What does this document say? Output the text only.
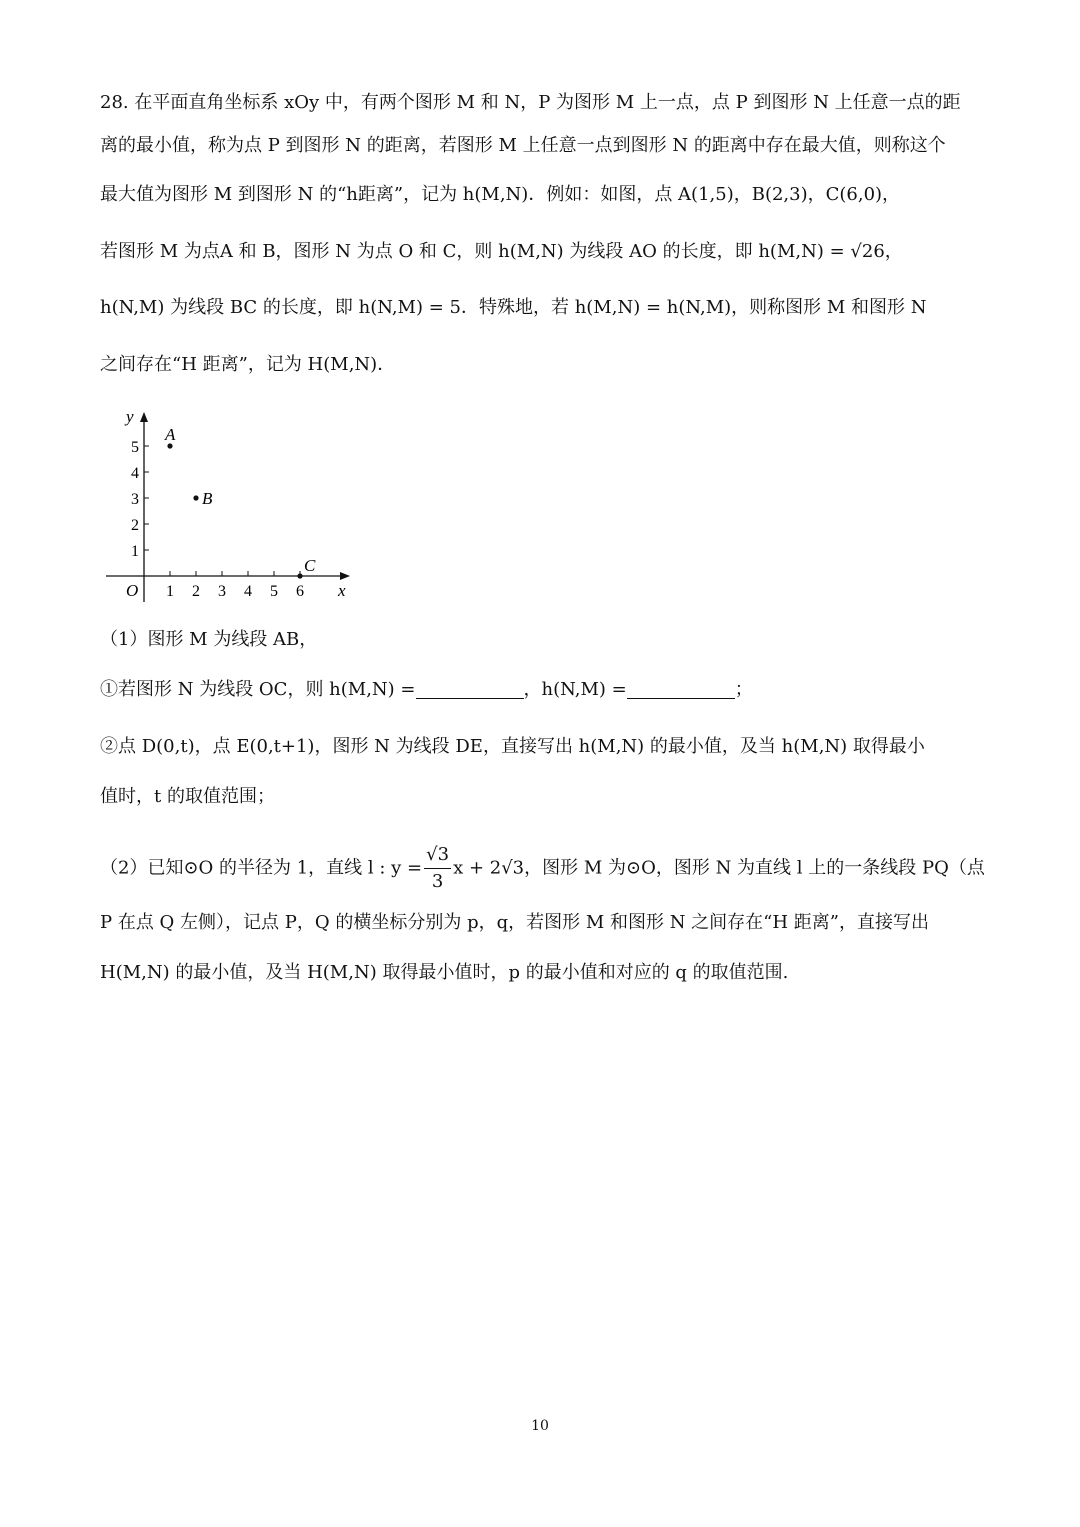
28. 在平面直角坐标系 xOy 中，有两个图形 M 和 N，P 为图形 M 上一点，点 P 到图形 N 上任意一点的距
离的最小值，称为点 P 到图形 N 的距离，若图形 M 上任意一点到图形 N 的距离中存在最大值，则称这个
最大值为图形 M 到图形 N 的“h距离”，记为 h(M,N)．例如：如图，点 A(1,5)，B(2,3)，C(6,0)，
若图形 M 为点A 和 B，图形 N 为点 O 和 C，则 h(M,N) 为线段 AO 的长度，即 h(M,N) = √26，
h(N,M) 为线段 BC 的长度，即 h(N,M) = 5．特殊地，若 h(M,N) = h(N,M)，则称图形 M 和图形 N
之间存在“H 距离”，记为 H(M,N)．
（1）图形 M 为线段 AB，
①若图形 N 为线段 OC，则 h(M,N) =	，h(N,M) =	；
②点 D(0,t)，点 E(0,t+1)，图形 N 为线段 DE，直接写出 h(M,N) 的最小值，及当 h(M,N) 取得最小
值时，t 的取值范围；
（2）已知⊙O 的半径为 1，直线 l : $y = \frac{√3}{3}$ x + 2√3，图形 M 为⊙O，图形 N 为直线 l 上的一条线段 PQ（点
P 在点 Q 左侧），记点 P，Q 的横坐标分别为 p，q，若图形 M 和图形 N 之间存在“H 距离”，直接写出
H(M,N) 的最小值，及当 H(M,N) 取得最小值时，p 的最小值和对应的 q 的取值范围.
x
y
O 1 2 3 4 5 6
1
2
3
4
5
A
B
C
10
